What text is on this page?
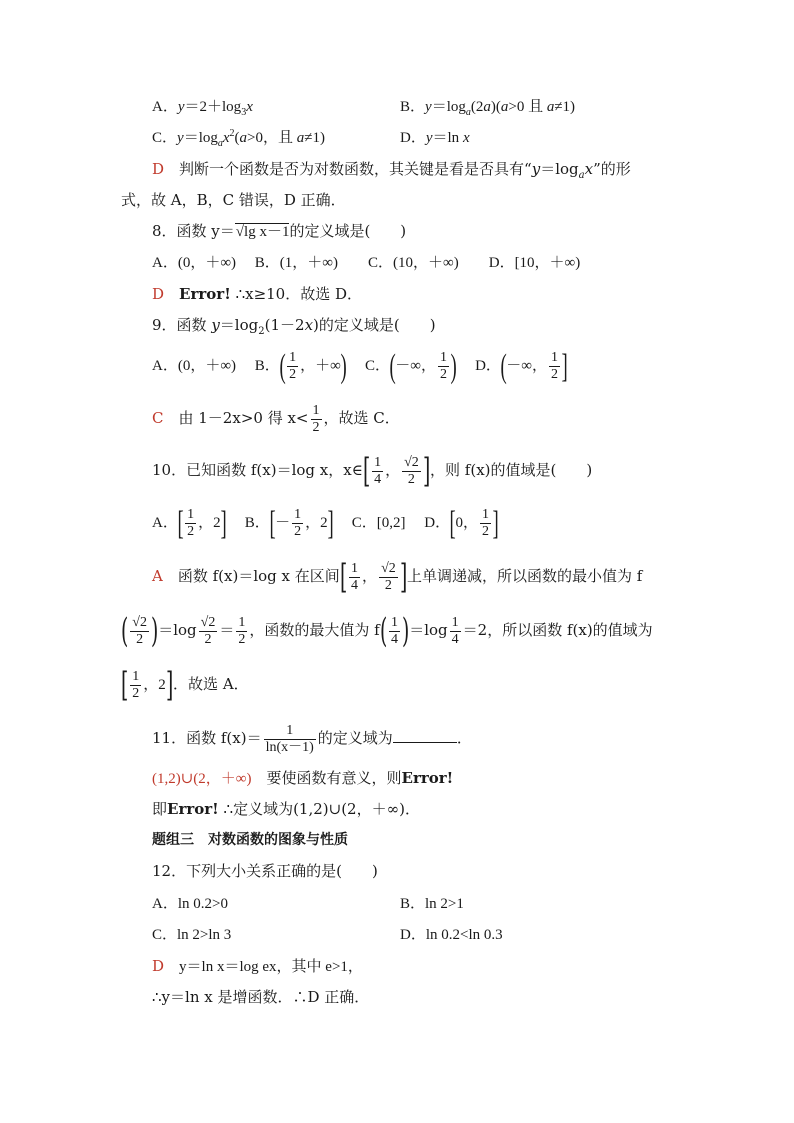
A．$y=2+\log_3x$	B．$y=\log_a(2a)(a>0$ 且 a≠1)
C．$y=\log_ax^2(a>0$，且 a≠1)	D．y＝ln x
D　 判断一个函数是否为对数函数，其关键是看是否具有“$y=\log_ax$”的形
式，故 A，B，C 错误，D 正确．
8．函数 y＝√lg x－1的定义域是(　　)
A．(0，＋∞)　 B．(1，＋∞)　　 C．(10，＋∞)　　 D．[10，＋∞)
D　 Error! ∴x≥10．故选 D．
9．函数 $y=\log_2(1-2x)$的定义域是(　　)
A．(0，＋∞)　 B．( $\frac{1}{2}$ ，＋∞)　 C．(－∞， $\frac{1}{2}$ )　 D．(－∞， $\frac{1}{2}$ ]
C　 由 1－2x>0 得 $x< \frac{1}{2}$ ，故选 C．
10．已知函数 f(x)＝log x，x∈[ $\frac{1}{4}$ ， $\frac{√2}{2}$ ]，则 f(x)的值域是(　　)
A．[ $\frac{1}{2}$ ，2]　 B．[－ $\frac{1}{2}$ ，2]　 C．[0,2]　 D．[0， $\frac{1}{2}$ ]
A　 函数 f(x)＝log x 在区间[ $\frac{1}{4}$ ， $\frac{√2}{2}$ ]上单调递减，所以函数的最小值为 f
( $\frac{√2}{2} )=\log \frac{√2}{2} = \frac{1}{2}$ ，函数的最大值为 $f( \frac{1}{4} )=\log \frac{1}{4} =2$，所以函数 f(x)的值域为
[ $\frac{1}{2}$ ，2]．故选 A．
11．函数 $f(x)= \frac{1}{\ln(x-1)}$ 的定义域为	．
(1,2)∪(2，＋∞)　 要使函数有意义，则Error!
即Error! ∴定义域为(1,2)∪(2，＋∞)．
题组三　对数函数的图象与性质
12．下列大小关系正确的是(　　)
A．ln 0.2>0	B．ln 2>1
C．ln 2>ln 3	D．ln 0.2<ln 0.3
D　 y＝ln x＝log ex，其中 e>1，
∴y＝ln x 是增函数．∴D 正确．
